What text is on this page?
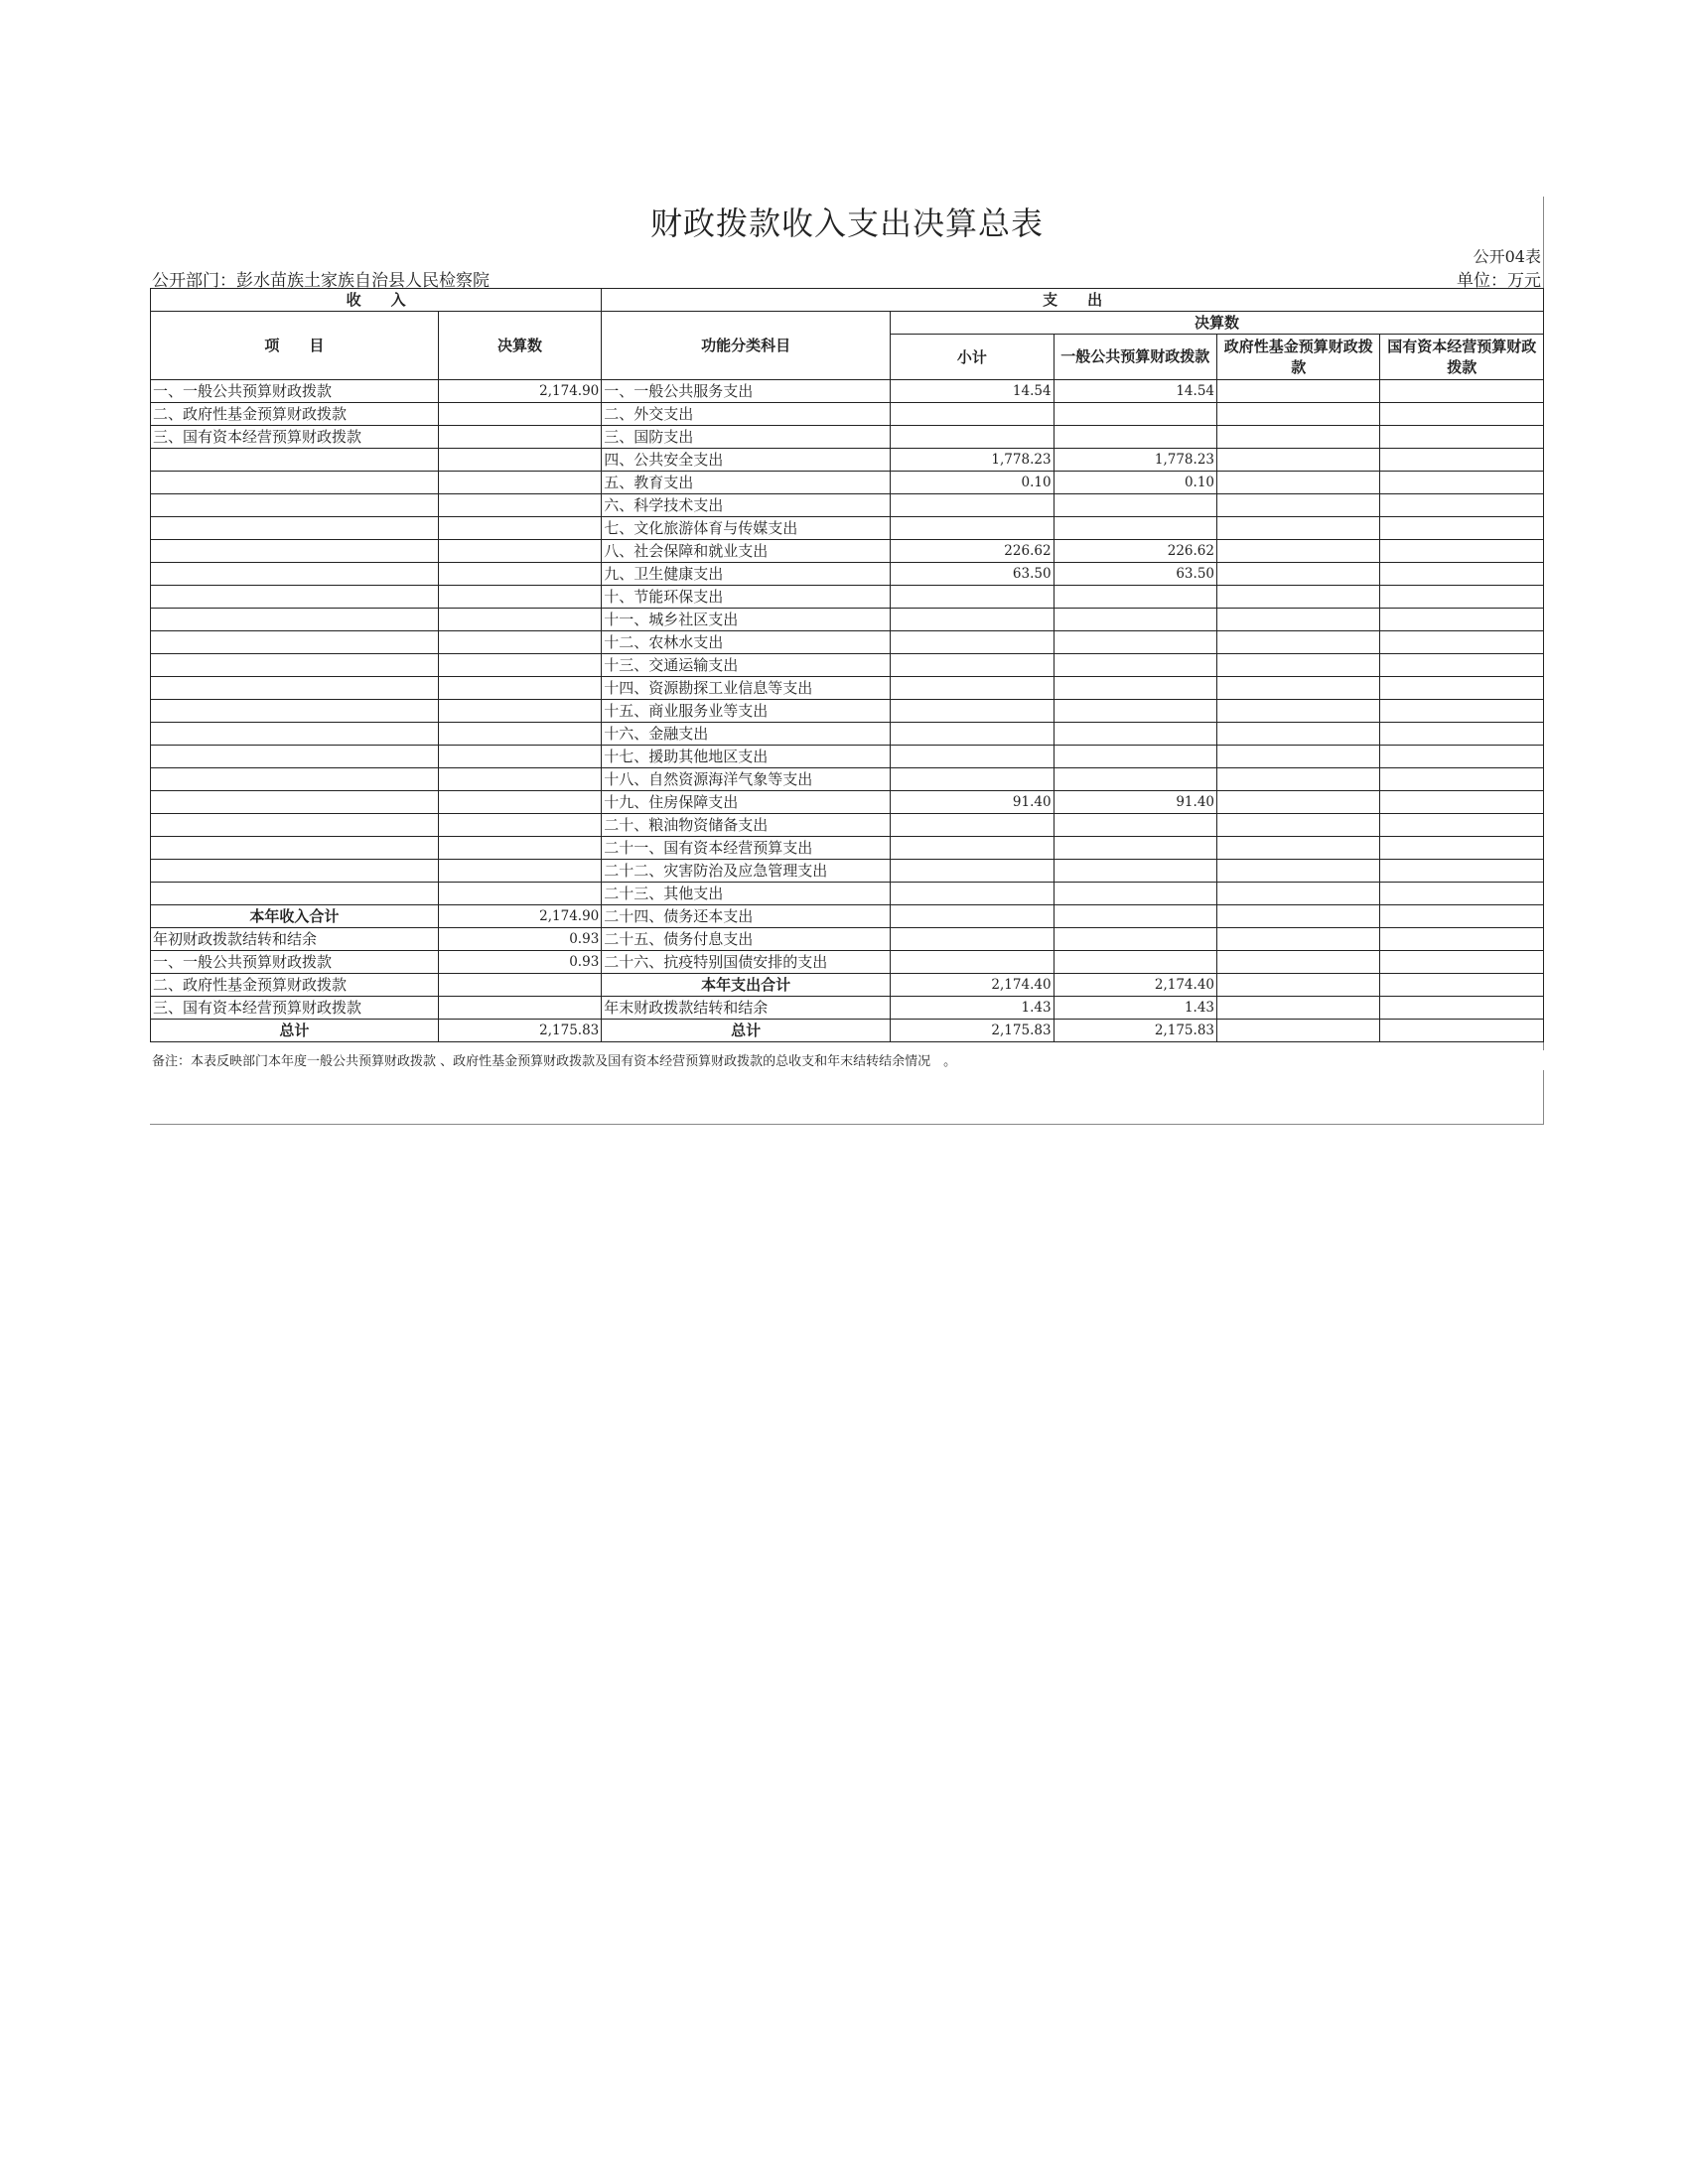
财政拨款收入支出决算总表
公开04表
公开部门：彭水苗族土家族自治县人民检察院	单位：万元
收　　入		支　　出				
项　　目	决算数	功能分类科目	决算数			
			小计	一般公共预算财政拨款	政府性基金预算财政拨款	国有资本经营预算财政拨款
一、一般公共预算财政拨款	2,174.90	一、一般公共服务支出	14.54	14.54		
二、政府性基金预算财政拨款		二、外交支出				
三、国有资本经营预算财政拨款		三、国防支出				
		四、公共安全支出	1,778.23	1,778.23		
		五、教育支出	0.10	0.10		
		六、科学技术支出				
		七、文化旅游体育与传媒支出				
		八、社会保障和就业支出	226.62	226.62		
		九、卫生健康支出	63.50	63.50		
		十、节能环保支出				
		十一、城乡社区支出				
		十二、农林水支出				
		十三、交通运输支出				
		十四、资源勘探工业信息等支出				
		十五、商业服务业等支出				
		十六、金融支出				
		十七、援助其他地区支出				
		十八、自然资源海洋气象等支出				
		十九、住房保障支出	91.40	91.40		
		二十、粮油物资储备支出				
		二十一、国有资本经营预算支出				
		二十二、灾害防治及应急管理支出				
		二十三、其他支出				
本年收入合计	2,174.90	二十四、债务还本支出				
年初财政拨款结转和结余	0.93	二十五、债务付息支出				
一、一般公共预算财政拨款	0.93	二十六、抗疫特别国债安排的支出				
二、政府性基金预算财政拨款		本年支出合计	2,174.40	2,174.40		
三、国有资本经营预算财政拨款		年末财政拨款结转和结余	1.43	1.43		
总计	2,175.83	总计	2,175.83	2,175.83		
备注：本表反映部门本年度一般公共预算财政拨款 、政府性基金预算财政拨款及国有资本经营预算财政拨款的总收支和年末结转结余情况　。
